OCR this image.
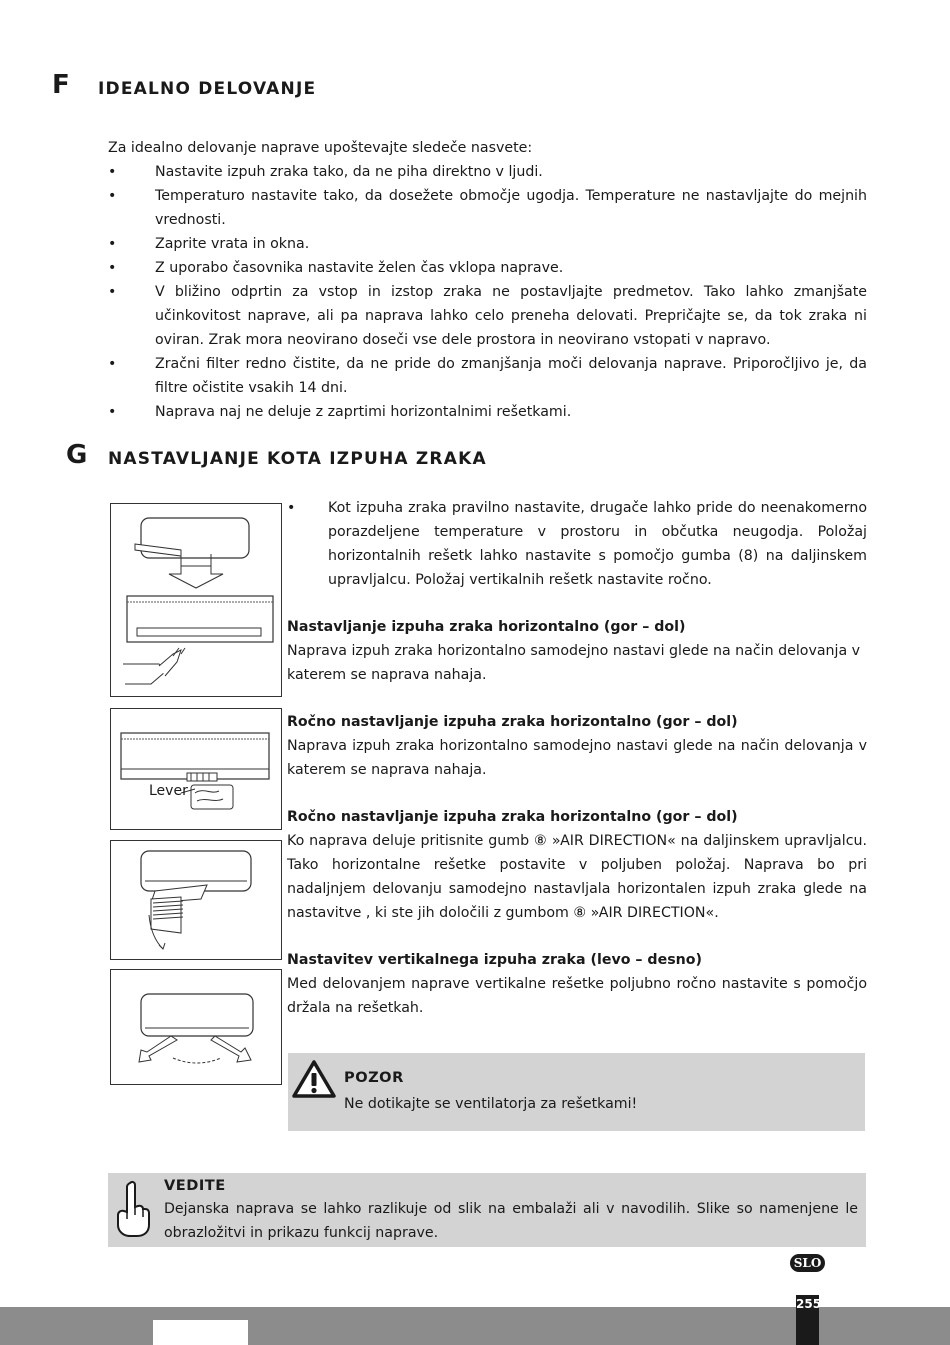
F IDEALNO DELOVANJE
Za idealno delovanje naprave upoštevajte sledeče nasvete:
•	Nastavite izpuh zraka tako, da ne piha direktno v ljudi.
•	Temperaturo nastavite tako, da dosežete območje ugodja. Temperature ne nastavljajte do mejnih vrednosti.
•	Zaprite vrata in okna.
•	Z uporabo časovnika nastavite želen čas vklopa naprave.
•	V bližino odprtin za vstop in izstop zraka ne postavljajte predmetov. Tako lahko zmanjšate učinkovitost naprave, ali pa naprava lahko celo preneha delovati. Prepričajte se, da tok zraka ni oviran. Zrak mora neovirano doseči vse dele prostora in neovirano vstopati v napravo.
•	Zračni filter redno čistite, da ne pride do zmanjšanja moči delovanja naprave. Priporočljivo je, da filtre očistite vsakih 14 dni.
•	Naprava naj ne deluje z zaprtimi horizontalnimi rešetkami.
G NASTAVLJANJE KOTA IZPUHA ZRAKA
Lever
• Kot izpuha zraka pravilno nastavite, drugače lahko pride do neenakomerno porazdeljene temperature v prostoru in občutka neugodja. Položaj horizontalnih rešetk lahko nastavite s pomočjo gumba (8) na daljinskem upravljalcu. Položaj vertikalnih rešetk nastavite ročno.
Nastavljanje izpuha zraka horizontalno (gor – dol)
Naprava izpuh zraka horizontalno samodejno nastavi glede na način delovanja v katerem se naprava nahaja.
Ročno nastavljanje izpuha zraka horizontalno (gor – dol)
Naprava izpuh zraka horizontalno samodejno nastavi glede na način delovanja v katerem se naprava nahaja.
Ročno nastavljanje izpuha zraka horizontalno (gor – dol)
Ko naprava deluje pritisnite gumb ⑧ »AIR DIRECTION« na daljinskem upravljalcu. Tako horizontalne rešetke postavite v poljuben položaj. Naprava bo pri nadaljnjem delovanju samodejno nastavljala horizontalen izpuh zraka glede na nastavitve , ki ste jih določili z gumbom ⑧ »AIR DIRECTION«.
Nastavitev vertikalnega izpuha zraka (levo – desno)
Med delovanjem naprave vertikalne rešetke poljubno ročno nastavite s pomočjo držala na rešetkah.
POZOR
Ne dotikajte se ventilatorja za rešetkami!
VEDITE
Dejanska naprava se lahko razlikuje od slik na embalaži ali v navodilih. Slike so namenjene le obrazložitvi in prikazu funkcij naprave.
SLO
255
